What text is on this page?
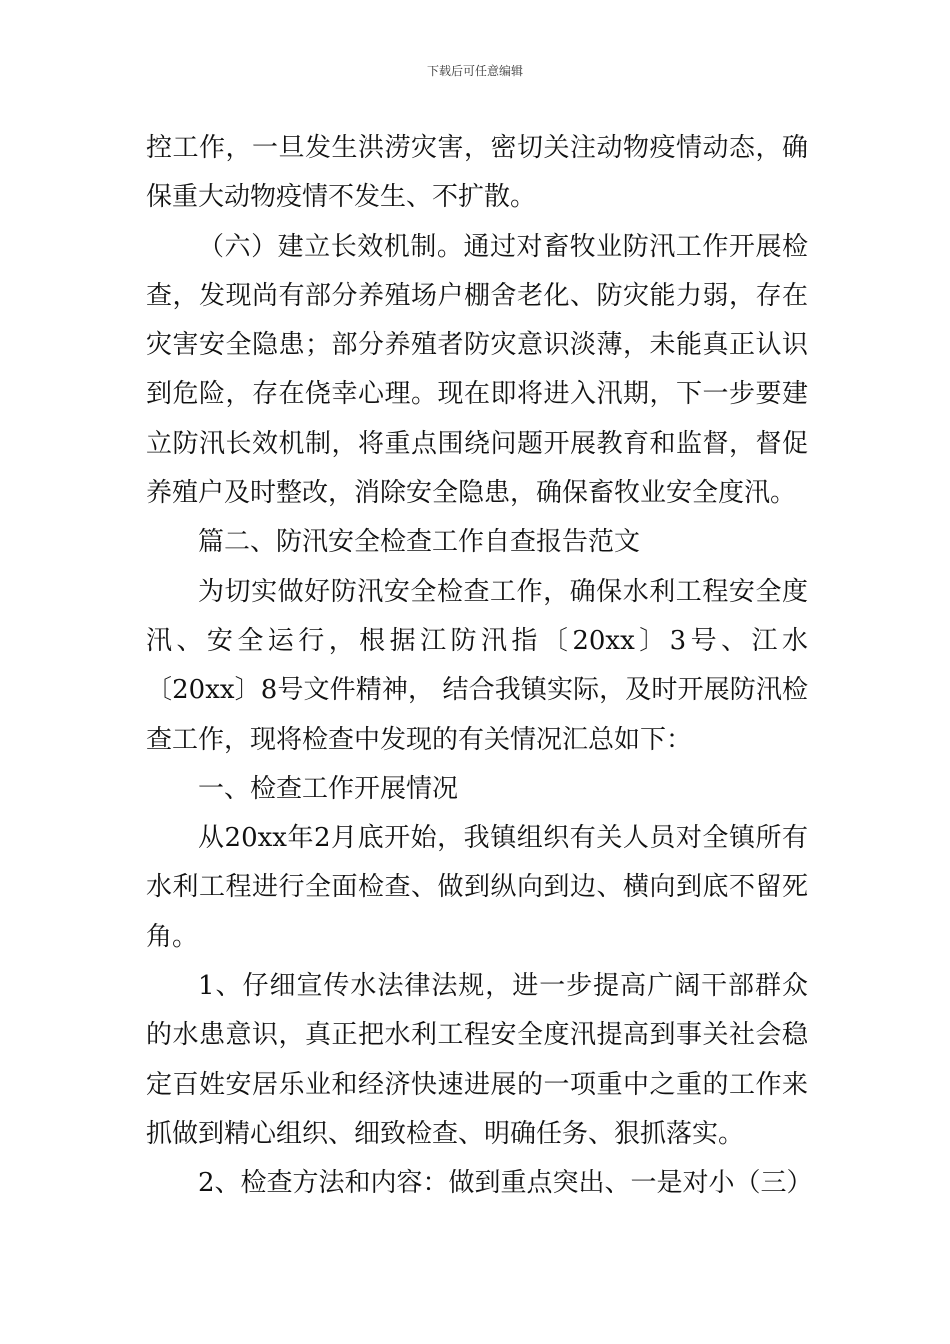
下载后可任意编辑

控工作，一旦发生洪涝灾害，密切关注动物疫情动态，确保重大动物疫情不发生、不扩散。

（六）建立长效机制。通过对畜牧业防汛工作开展检查，发现尚有部分养殖场户棚舍老化、防灾能力弱，存在灾害安全隐患；部分养殖者防灾意识淡薄，未能真正认识到危险，存在侥幸心理。现在即将进入汛期，下一步要建立防汛长效机制，将重点围绕问题开展教育和监督，督促养殖户及时整改，消除安全隐患，确保畜牧业安全度汛。

篇二、防汛安全检查工作自查报告范文

为切实做好防汛安全检查工作，确保水利工程安全度汛、安全运行，根据江防汛指〔20xx〕3号、江水〔20xx〕8号文件精神， 结合我镇实际，及时开展防汛检查工作，现将检查中发现的有关情况汇总如下：

一、检查工作开展情况

从20xx年2月底开始，我镇组织有关人员对全镇所有水利工程进行全面检查、做到纵向到边、横向到底不留死角。

1、仔细宣传水法律法规，进一步提高广阔干部群众的水患意识，真正把水利工程安全度汛提高到事关社会稳定百姓安居乐业和经济快速进展的一项重中之重的工作来抓做到精心组织、细致检查、明确任务、狠抓落实。

2、检查方法和内容：做到重点突出、一是对小（三）
